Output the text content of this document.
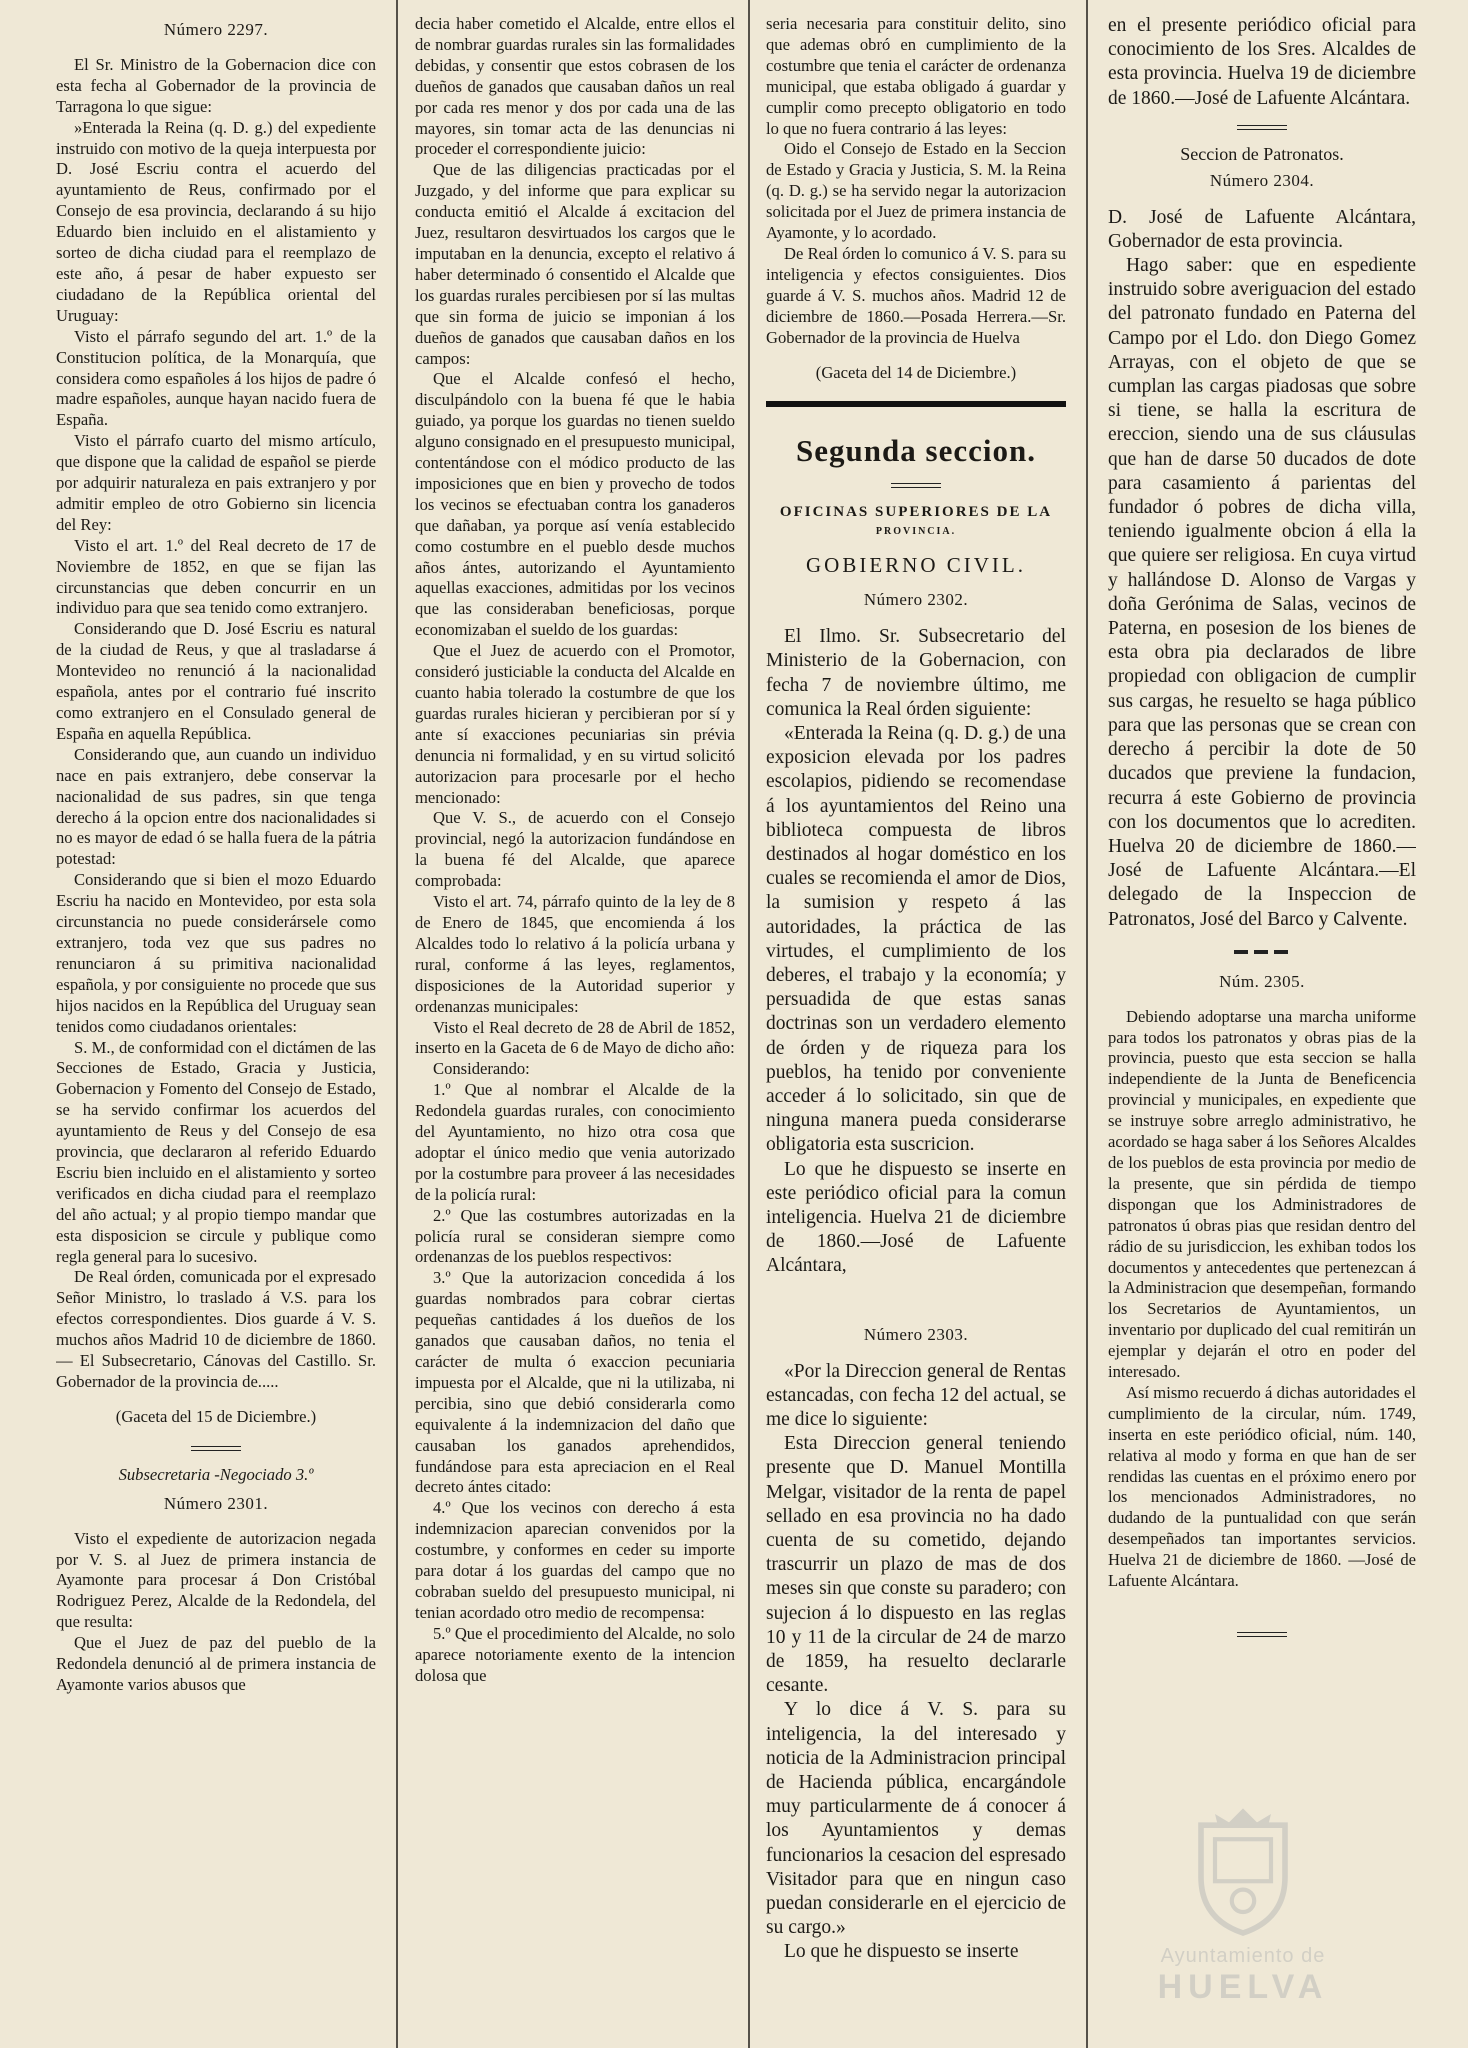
Número 2297.

El Sr. Ministro de la Gobernacion dice con esta fecha al Gobernador de la provincia de Tarragona lo que sigue:

»Enterada la Reina (q. D. g.) del expediente instruido con motivo de la queja interpuesta por D. José Escriu contra el acuerdo del ayuntamiento de Reus, confirmado por el Consejo de esa provincia, declarando á su hijo Eduardo bien incluido en el alistamiento y sorteo de dicha ciudad para el reemplazo de este año, á pesar de haber expuesto ser ciudadano de la República oriental del Uruguay:

Visto el párrafo segundo del art. 1.º de la Constitucion política, de la Monarquía, que considera como españoles á los hijos de padre ó madre españoles, aunque hayan nacido fuera de España.

Visto el párrafo cuarto del mismo artículo, que dispone que la calidad de español se pierde por adquirir naturaleza en pais extranjero y por admitir empleo de otro Gobierno sin licencia del Rey:

Visto el art. 1.º del Real decreto de 17 de Noviembre de 1852, en que se fijan las circunstancias que deben concurrir en un individuo para que sea tenido como extranjero.

Considerando que D. José Escriu es natural de la ciudad de Reus, y que al trasladarse á Montevideo no renunció á la nacionalidad española, antes por el contrario fué inscrito como extranjero en el Consulado general de España en aquella República.

Considerando que, aun cuando un individuo nace en pais extranjero, debe conservar la nacionalidad de sus padres, sin que tenga derecho á la opcion entre dos nacionalidades si no es mayor de edad ó se halla fuera de la pátria potestad:

Considerando que si bien el mozo Eduardo Escriu ha nacido en Montevideo, por esta sola circunstancia no puede considerársele como extranjero, toda vez que sus padres no renunciaron á su primitiva nacionalidad española, y por consiguiente no procede que sus hijos nacidos en la República del Uruguay sean tenidos como ciudadanos orientales:

S. M., de conformidad con el dictámen de las Secciones de Estado, Gracia y Justicia, Gobernacion y Fomento del Consejo de Estado, se ha servido confirmar los acuerdos del ayuntamiento de Reus y del Consejo de esa provincia, que declararon al referido Eduardo Escriu bien incluido en el alistamiento y sorteo verificados en dicha ciudad para el reemplazo del año actual; y al propio tiempo mandar que esta disposicion se circule y publique como regla general para lo sucesivo.

De Real órden, comunicada por el expresado Señor Ministro, lo traslado á V.S. para los efectos correspondientes. Dios guarde á V. S. muchos años Madrid 10 de diciembre de 1860.— El Subsecretario, Cánovas del Castillo. Sr. Gobernador de la provincia de.....

(Gaceta del 15 de Diciembre.)
Subsecretaria -Negociado 3.º
Número 2301.

Visto el expediente de autorizacion negada por V. S. al Juez de primera instancia de Ayamonte para procesar á Don Cristóbal Rodriguez Perez, Alcalde de la Redondela, del que resulta:

Que el Juez de paz del pueblo de la Redondela denunció al de primera instancia de Ayamonte varios abusos que

decia haber cometido el Alcalde, entre ellos el de nombrar guardas rurales sin las formalidades debidas, y consentir que estos cobrasen de los dueños de ganados que causaban daños un real por cada res menor y dos por cada una de las mayores, sin tomar acta de las denuncias ni proceder el correspondiente juicio:

Que de las diligencias practicadas por el Juzgado, y del informe que para explicar su conducta emitió el Alcalde á excitacion del Juez, resultaron desvirtuados los cargos que le imputaban en la denuncia, excepto el relativo á haber determinado ó consentido el Alcalde que los guardas rurales percibiesen por sí las multas que sin forma de juicio se imponian á los dueños de ganados que causaban daños en los campos:

Que el Alcalde confesó el hecho, disculpándolo con la buena fé que le habia guiado, ya porque los guardas no tienen sueldo alguno consignado en el presupuesto municipal, contentándose con el módico producto de las imposiciones que en bien y provecho de todos los vecinos se efectuaban contra los ganaderos que dañaban, ya porque así venía establecido como costumbre en el pueblo desde muchos años ántes, autorizando el Ayuntamiento aquellas exacciones, admitidas por los vecinos que las consideraban beneficiosas, porque economizaban el sueldo de los guardas:

Que el Juez de acuerdo con el Promotor, consideró justiciable la conducta del Alcalde en cuanto habia tolerado la costumbre de que los guardas rurales hicieran y percibieran por sí y ante sí exacciones pecuniarias sin prévia denuncia ni formalidad, y en su virtud solicitó autorizacion para procesarle por el hecho mencionado:

Que V. S., de acuerdo con el Consejo provincial, negó la autorizacion fundándose en la buena fé del Alcalde, que aparece comprobada:

Visto el art. 74, párrafo quinto de la ley de 8 de Enero de 1845, que encomienda á los Alcaldes todo lo relativo á la policía urbana y rural, conforme á las leyes, reglamentos, disposiciones de la Autoridad superior y ordenanzas municipales:

Visto el Real decreto de 28 de Abril de 1852, inserto en la Gaceta de 6 de Mayo de dicho año:

Considerando:

1.º Que al nombrar el Alcalde de la Redondela guardas rurales, con conocimiento del Ayuntamiento, no hizo otra cosa que adoptar el único medio que venia autorizado por la costumbre para proveer á las necesidades de la policía rural:

2.º Que las costumbres autorizadas en la policía rural se consideran siempre como ordenanzas de los pueblos respectivos:

3.º Que la autorizacion concedida á los guardas nombrados para cobrar ciertas pequeñas cantidades á los dueños de los ganados que causaban daños, no tenia el carácter de multa ó exaccion pecuniaria impuesta por el Alcalde, que ni la utilizaba, ni percibia, sino que debió considerarla como equivalente á la indemnizacion del daño que causaban los ganados aprehendidos, fundándose para esta apreciacion en el Real decreto ántes citado:

4.º Que los vecinos con derecho á esta indemnizacion aparecian convenidos por la costumbre, y conformes en ceder su importe para dotar á los guardas del campo que no cobraban sueldo del presupuesto municipal, ni tenian acordado otro medio de recompensa:

5.º Que el procedimiento del Alcalde, no solo aparece notoriamente exento de la intencion dolosa que

seria necesaria para constituir delito, sino que ademas obró en cumplimiento de la costumbre que tenia el carácter de ordenanza municipal, que estaba obligado á guardar y cumplir como precepto obligatorio en todo lo que no fuera contrario á las leyes:

Oido el Consejo de Estado en la Seccion de Estado y Gracia y Justicia, S. M. la Reina (q. D. g.) se ha servido negar la autorizacion solicitada por el Juez de primera instancia de Ayamonte, y lo acordado.

De Real órden lo comunico á V. S. para su inteligencia y efectos consiguientes. Dios guarde á V. S. muchos años. Madrid 12 de diciembre de 1860.—Posada Herrera.—Sr. Gobernador de la provincia de Huelva

(Gaceta del 14 de Diciembre.)
Segunda seccion.
OFICINAS SUPERIORES DE LA
PROVINCIA.
GOBIERNO CIVIL.
Número 2302.

El Ilmo. Sr. Subsecretario del Ministerio de la Gobernacion, con fecha 7 de noviembre último, me comunica la Real órden siguiente:

«Enterada la Reina (q. D. g.) de una exposicion elevada por los padres escolapios, pidiendo se recomendase á los ayuntamientos del Reino una biblioteca compuesta de libros destinados al hogar doméstico en los cuales se recomienda el amor de Dios, la sumision y respeto á las autoridades, la práctica de las virtudes, el cumplimiento de los deberes, el trabajo y la economía; y persuadida de que estas sanas doctrinas son un verdadero elemento de órden y de riqueza para los pueblos, ha tenido por conveniente acceder á lo solicitado, sin que de ninguna manera pueda considerarse obligatoria esta suscricion.

Lo que he dispuesto se inserte en este periódico oficial para la comun inteligencia. Huelva 21 de diciembre de 1860.—José de Lafuente Alcántara,

Número 2303.

«Por la Direccion general de Rentas estancadas, con fecha 12 del actual, se me dice lo siguiente:

Esta Direccion general teniendo presente que D. Manuel Montilla Melgar, visitador de la renta de papel sellado en esa provincia no ha dado cuenta de su cometido, dejando trascurrir un plazo de mas de dos meses sin que conste su paradero; con sujecion á lo dispuesto en las reglas 10 y 11 de la circular de 24 de marzo de 1859, ha resuelto declararle cesante.

Y lo dice á V. S. para su inteligencia, la del interesado y noticia de la Administracion principal de Hacienda pública, encargándole muy particularmente de á conocer á los Ayuntamientos y demas funcionarios la cesacion del espresado Visitador para que en ningun caso puedan considerarle en el ejercicio de su cargo.»

Lo que he dispuesto se inserte

en el presente periódico oficial para conocimiento de los Sres. Alcaldes de esta provincia. Huelva 19 de diciembre de 1860.—José de Lafuente Alcántara.

Seccion de Patronatos.
Número 2304.

D. José de Lafuente Alcántara, Gobernador de esta provincia.

Hago saber: que en espediente instruido sobre averiguacion del estado del patronato fundado en Paterna del Campo por el Ldo. don Diego Gomez Arrayas, con el objeto de que se cumplan las cargas piadosas que sobre si tiene, se halla la escritura de ereccion, siendo una de sus cláusulas que han de darse 50 ducados de dote para casamiento á parientas del fundador ó pobres de dicha villa, teniendo igualmente obcion á ella la que quiere ser religiosa. En cuya virtud y hallándose D. Alonso de Vargas y doña Gerónima de Salas, vecinos de Paterna, en posesion de los bienes de esta obra pia declarados de libre propiedad con obligacion de cumplir sus cargas, he resuelto se haga público para que las personas que se crean con derecho á percibir la dote de 50 ducados que previene la fundacion, recurra á este Gobierno de provincia con los documentos que lo acrediten. Huelva 20 de diciembre de 1860.—José de Lafuente Alcántara.—El delegado de la Inspeccion de Patronatos, José del Barco y Calvente.

Núm. 2305.

Debiendo adoptarse una marcha uniforme para todos los patronatos y obras pias de la provincia, puesto que esta seccion se halla independiente de la Junta de Beneficencia provincial y municipales, en expediente que se instruye sobre arreglo administrativo, he acordado se haga saber á los Señores Alcaldes de los pueblos de esta provincia por medio de la presente, que sin pérdida de tiempo dispongan que los Administradores de patronatos ú obras pias que residan dentro del rádio de su jurisdiccion, les exhiban todos los documentos y antecedentes que pertenezcan á la Administracion que desempeñan, formando los Secretarios de Ayuntamientos, un inventario por duplicado del cual remitirán un ejemplar y dejarán el otro en poder del interesado.

Así mismo recuerdo á dichas autoridades el cumplimiento de la circular, núm. 1749, inserta en este periódico oficial, núm. 140, relativa al modo y forma en que han de ser rendidas las cuentas en el próximo enero por los mencionados Administradores, no dudando de la puntualidad con que serán desempeñados tan importantes servicios. Huelva 21 de diciembre de 1860. —José de Lafuente Alcántara.

Ayuntamiento de
HUELVA
